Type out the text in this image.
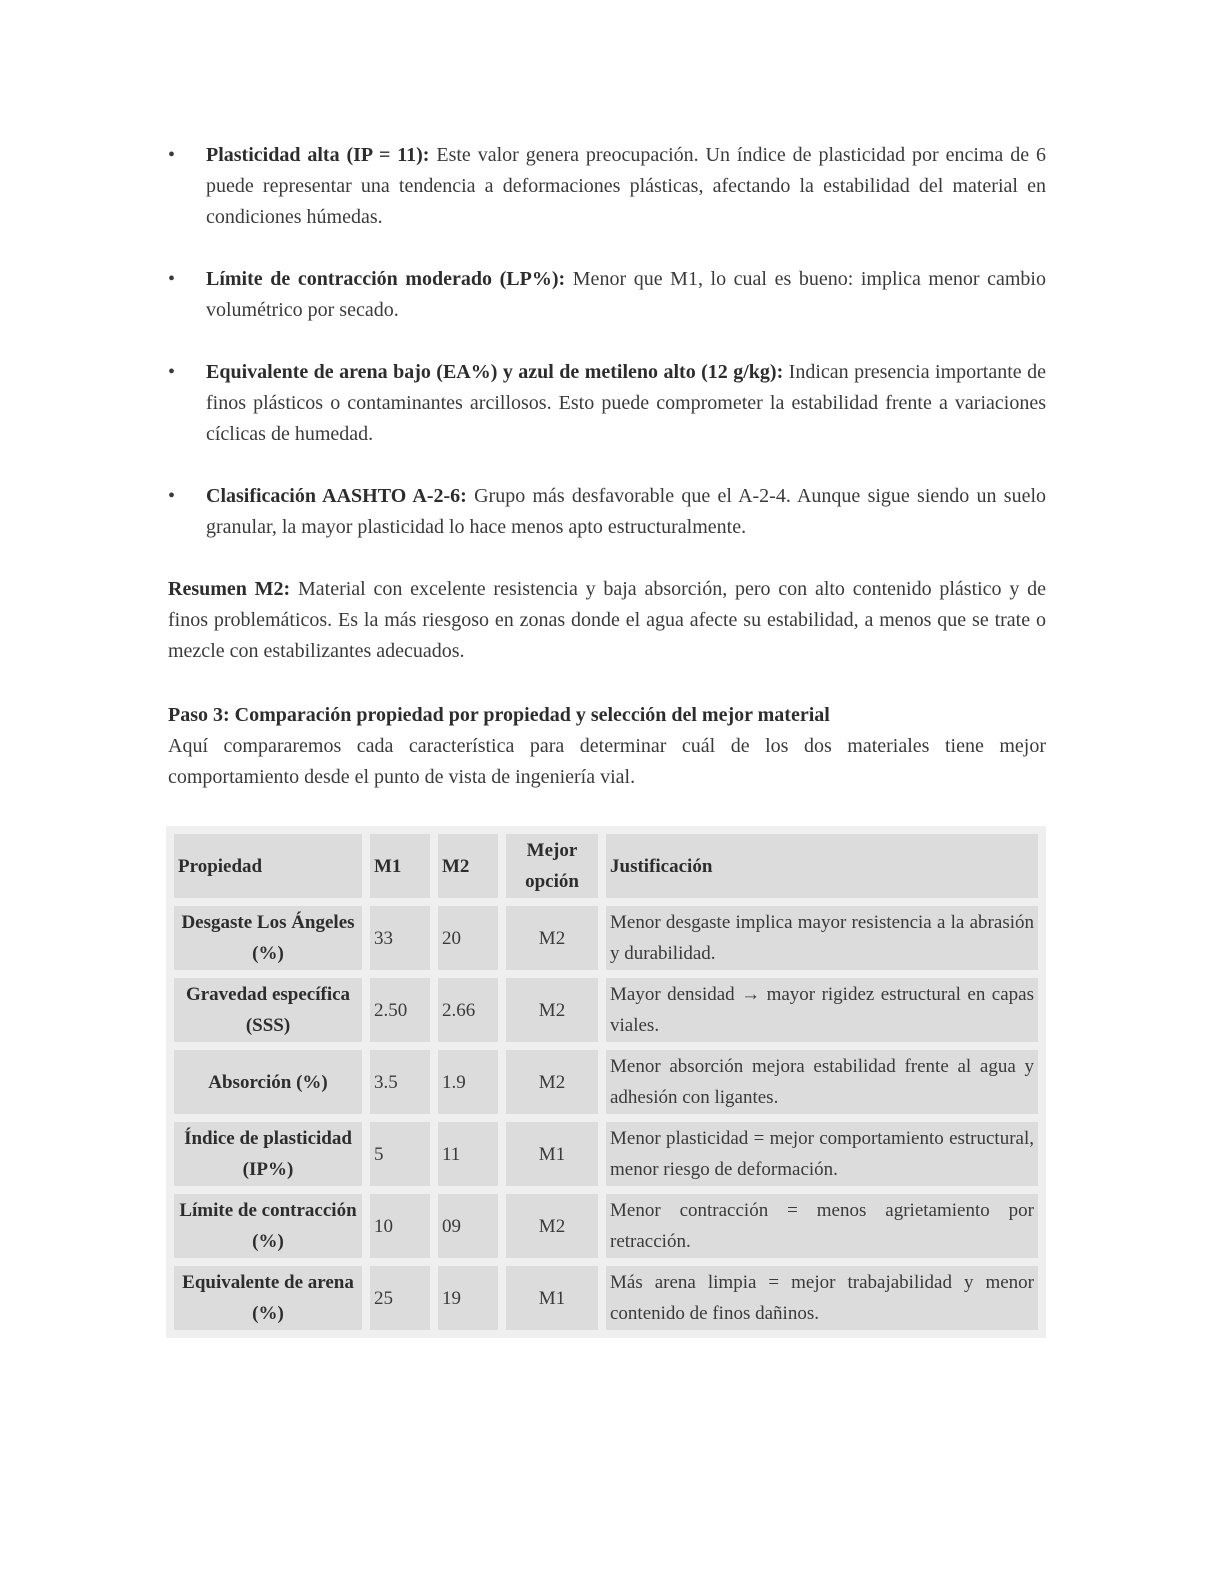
• Plasticidad alta (IP = 11): Este valor genera preocupación. Un índice de plasticidad por encima de 6 puede representar una tendencia a deformaciones plásticas, afectando la estabilidad del material en condiciones húmedas.
• Límite de contracción moderado (LP%): Menor que M1, lo cual es bueno: implica menor cambio volumétrico por secado.
• Equivalente de arena bajo (EA%) y azul de metileno alto (12 g/kg): Indican presencia importante de finos plásticos o contaminantes arcillosos. Esto puede comprometer la estabilidad frente a variaciones cíclicas de humedad.
• Clasificación AASHTO A-2-6: Grupo más desfavorable que el A-2-4. Aunque sigue siendo un suelo granular, la mayor plasticidad lo hace menos apto estructuralmente.

Resumen M2: Material con excelente resistencia y baja absorción, pero con alto contenido plástico y de finos problemáticos. Es la más riesgoso en zonas donde el agua afecte su estabilidad, a menos que se trate o mezcle con estabilizantes adecuados.

Paso 3: Comparación propiedad por propiedad y selección del mejor material
Aquí compararemos cada característica para determinar cuál de los dos materiales tiene mejor comportamiento desde el punto de vista de ingeniería vial.

Propiedad	M1	M2	Mejor opción	Justificación
Desgaste Los Ángeles (%)	33	20	M2	Menor desgaste implica mayor resistencia a la abrasión y durabilidad.
Gravedad específica (SSS)	2.50	2.66	M2	Mayor densidad → mayor rigidez estructural en capas viales.
Absorción (%)	3.5	1.9	M2	Menor absorción mejora estabilidad frente al agua y adhesión con ligantes.
Índice de plasticidad (IP%)	5	11	M1	Menor plasticidad = mejor comportamiento estructural, menor riesgo de deformación.
Límite de contracción (%)	10	09	M2	Menor contracción = menos agrietamiento por retracción.
Equivalente de arena (%)	25	19	M1	Más arena limpia = mejor trabajabilidad y menor contenido de finos dañinos.
